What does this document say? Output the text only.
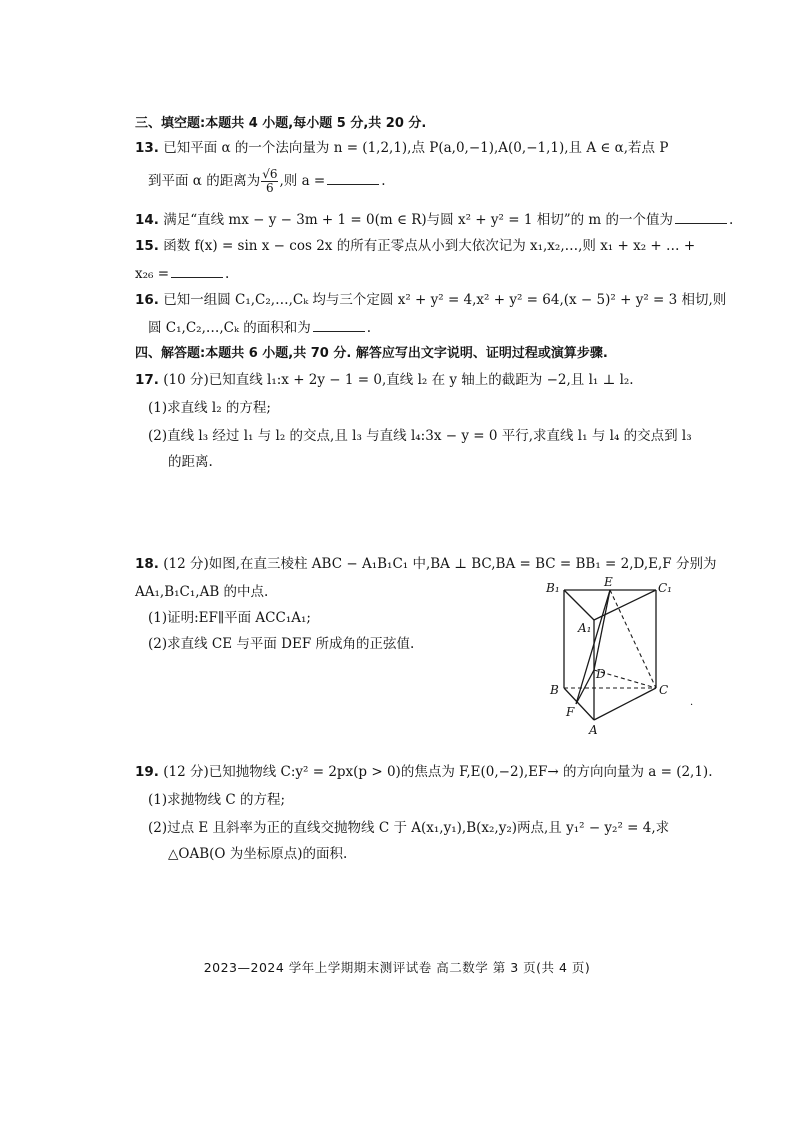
三、填空题:本题共 4 小题,每小题 5 分,共 20 分.
13. 已知平面 α 的一个法向量为 n = (1,2,1),点 P(a,0,−1),A(0,−1,1),且 A ∈ α,若点 P
到平面 α 的距离为 $\frac{√6}{6}$ ,则 a =	.
14. 满足“直线 mx − y − 3m + 1 = 0(m ∈ R)与圆 x² + y² = 1 相切”的 m 的一个值为	.
15. 函数 f(x) = sin x − cos 2x 的所有正零点从小到大依次记为 x₁,x₂,…,则 x₁ + x₂ + … +
x₂₆ =	.
16. 已知一组圆 C₁,C₂,…,Cₖ 均与三个定圆 x² + y² = 4,x² + y² = 64,(x − 5)² + y² = 3 相切,则
圆 C₁,C₂,…,Cₖ 的面积和为	.
四、解答题:本题共 6 小题,共 70 分. 解答应写出文字说明、证明过程或演算步骤.
17. (10 分)已知直线 l₁:x + 2y − 1 = 0,直线 l₂ 在 y 轴上的截距为 −2,且 l₁ ⊥ l₂.
(1)求直线 l₂ 的方程;
(2)直线 l₃ 经过 l₁ 与 l₂ 的交点,且 l₃ 与直线 l₄:3x − y = 0 平行,求直线 l₁ 与 l₄ 的交点到 l₃
的距离.
18. (12 分)如图,在直三棱柱 ABC − A₁B₁C₁ 中,BA ⊥ BC,BA = BC = BB₁ = 2,D,E,F 分别为
AA₁,B₁C₁,AB 的中点.
(1)证明:EF∥平面 ACC₁A₁;
(2)求直线 CE 与平面 DEF 所成角的正弦值.
B₁	E	C₁
A₁
D
B	C
F
A
·
19. (12 分)已知抛物线 C:y² = 2px(p > 0)的焦点为 F,E(0,−2),EF→ 的方向向量为 a = (2,1).
(1)求抛物线 C 的方程;
(2)过点 E 且斜率为正的直线交抛物线 C 于 A(x₁,y₁),B(x₂,y₂)两点,且 y₁² − y₂² = 4,求
△OAB(O 为坐标原点)的面积.
2023—2024 学年上学期期末测评试卷 高二数学 第 3 页(共 4 页)
